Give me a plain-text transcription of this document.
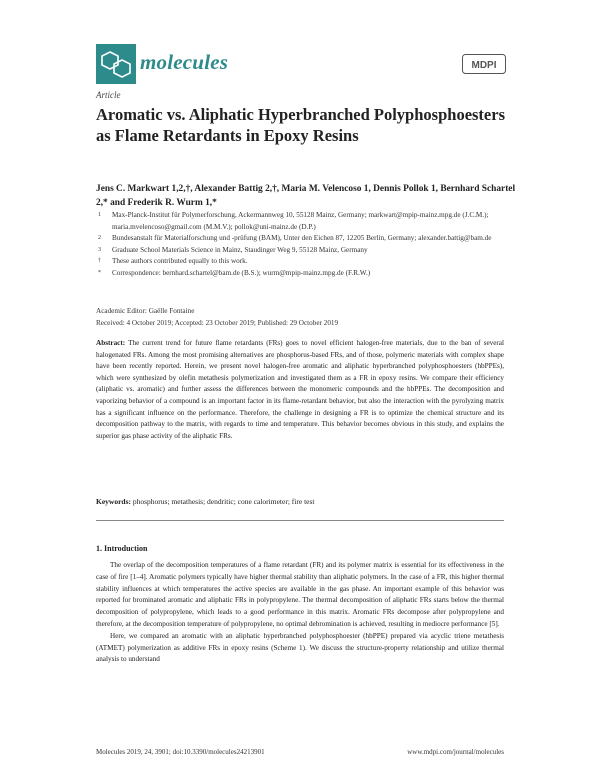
molecules	MDPI
Article
Aromatic vs. Aliphatic Hyperbranched Polyphosphoesters as Flame Retardants in Epoxy Resins
Jens C. Markwart 1,2,†, Alexander Battig 2,†, Maria M. Velencoso 1, Dennis Pollok 1, Bernhard Schartel 2,* and Frederik R. Wurm 1,*
1 Max-Planck-Institut für Polymerforschung, Ackermannweg 10, 55128 Mainz, Germany; markwart@mpip-mainz.mpg.de (J.C.M.); maria.mvelencoso@gmail.com (M.M.V.); pollok@uni-mainz.de (D.P.)
2 Bundesanstalt für Materialforschung und -prüfung (BAM), Unter den Eichen 87, 12205 Berlin, Germany; alexander.battig@bam.de
3 Graduate School Materials Science in Mainz, Staudinger Weg 9, 55128 Mainz, Germany
† These authors contributed equally to this work.
* Correspondence: bernhard.schartel@bam.de (B.S.); wurm@mpip-mainz.mpg.de (F.R.W.)
Academic Editor: Gaëlle Fontaine
Received: 4 October 2019; Accepted: 23 October 2019; Published: 29 October 2019
Abstract: The current trend for future flame retardants (FRs) goes to novel efficient halogen-free materials, due to the ban of several halogenated FRs. Among the most promising alternatives are phosphorus-based FRs, and of those, polymeric materials with complex shape have been recently reported. Herein, we present novel halogen-free aromatic and aliphatic hyperbranched polyphosphoesters (hbPPEs), which were synthesized by olefin metathesis polymerization and investigated them as a FR in epoxy resins. We compare their efficiency (aliphatic vs. aromatic) and further assess the differences between the monomeric compounds and the hbPPEs. The decomposition and vaporizing behavior of a compound is an important factor in its flame-retardant behavior, but also the interaction with the pyrolyzing matrix has a significant influence on the performance. Therefore, the challenge in designing a FR is to optimize the chemical structure and its decomposition pathway to the matrix, with regards to time and temperature. This behavior becomes obvious in this study, and explains the superior gas phase activity of the aliphatic FRs.
Keywords: phosphorus; metathesis; dendritic; cone calorimeter; fire test
1. Introduction

The overlap of the decomposition temperatures of a flame retardant (FR) and its polymer matrix is essential for its effectiveness in the case of fire [1–4]. Aromatic polymers typically have higher thermal stability than aliphatic polymers. In the case of a FR, this higher thermal stability influences at which temperatures the active species are available in the gas phase. An important example of this behavior was reported for brominated aromatic and aliphatic FRs in polypropylene. The thermal decomposition of aliphatic FRs starts below the thermal decomposition of polypropylene, which leads to a good performance in this matrix. Aromatic FRs decompose after polypropylene and therefore, at the decomposition temperature of polypropylene, no optimal debromination is achieved, resulting in mediocre performance [5].

Here, we compared an aromatic with an aliphatic hyperbranched polyphosphoester (hbPPE) prepared via acyclic triene metathesis (ATMET) polymerization as additive FRs in epoxy resins (Scheme 1). We discuss the structure-property relationship and utilize thermal analysis to understand

Molecules 2019, 24, 3901; doi:10.3390/molecules24213901	www.mdpi.com/journal/molecules
